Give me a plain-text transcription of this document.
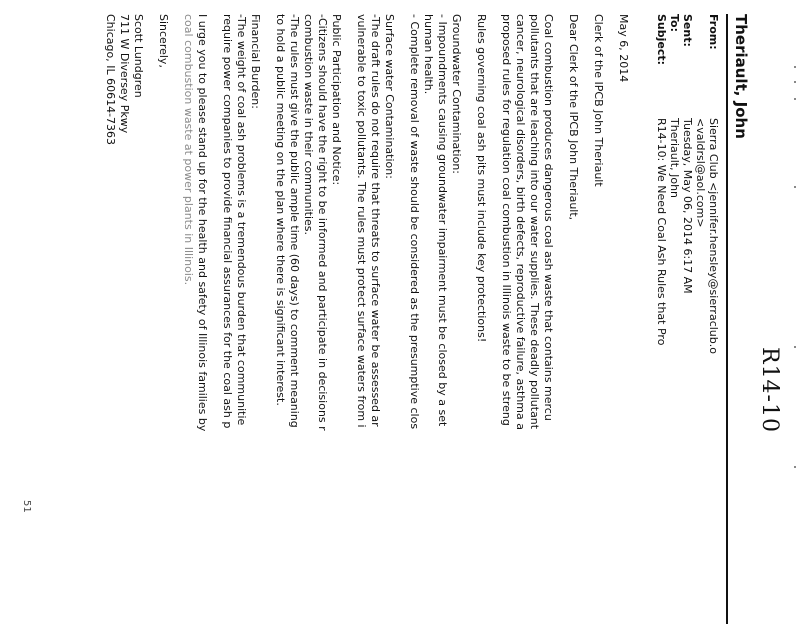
R14-10
Theriault, John
From:
Sierra Club <jennifer.hensley@sierraclub.o
<valdrsl@aol.com>
Sent:
Tuesday, May 06, 2014 6:17 AM
To:
Theriault, John
Subject:
R14-10: We Need Coal Ash Rules that Pro
May 6, 2014
Clerk of the IPCB John Theriault
Dear Clerk of the IPCB John Theriault,
Coal combustion produces dangerous coal ash waste that contains mercu
pollutants that are leaching into our water supplies. These deadly pollutant
cancer, neurological disorders, birth defects, reproductive failure, asthma a
proposed rules for regulation coal combustion in Illinois waste to be streng
Rules governing coal ash pits must include key protections!
Groundwater Contamination:
- Impoundments causing groundwater impairment must be closed by a set
human health.
- Complete removal of waste should be considered as the presumptive clos
Surface water Contamination:
-The draft rules do not require that threats to surface water be assessed ar
vulnerable to toxic pollutants. The rules must protect surface waters from i
Public Participation and Notice:
-Citizens should have the right to be informed and participate in decisions r
combustion waste in their communities.
-The rules must give the public ample time (60 days) to comment meaning
to hold a public meeting on the plan where there is significant interest.
Financial Burden:
-The weight of coal ash problems is a tremendous burden that communitie
require power companies to provide financial assurances for the coal ash p
I urge you to please stand up for the health and safety of Illinois families by
coal combustion waste at power plants in Illinois.
Sincerely,
Scott Lundgren
711 W Diversey Pkwy
Chicago, IL 60614-7363
51
